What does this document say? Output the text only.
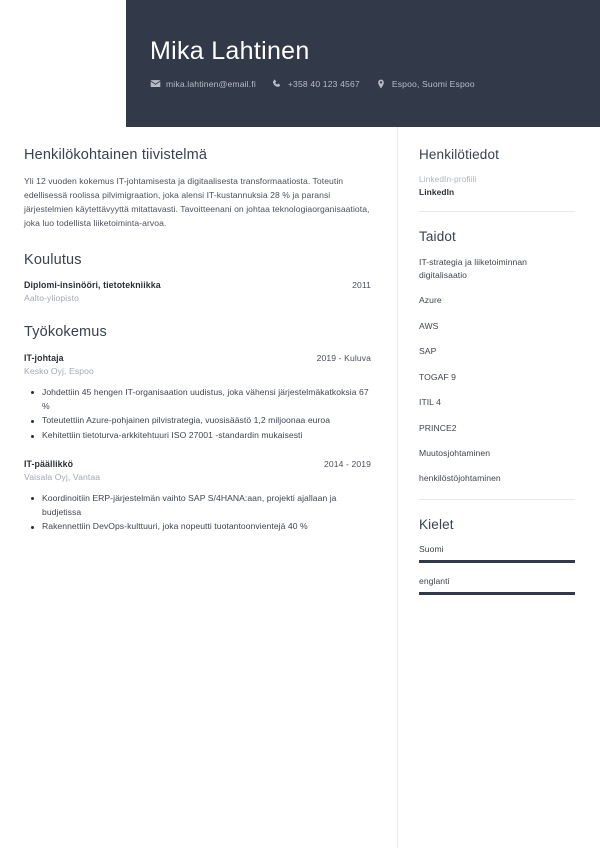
Mika Lahtinen
mika.lahtinen@email.fi	+358 40 123 4567	Espoo, Suomi Espoo
Henkilökohtainen tiivistelmä

Yli 12 vuoden kokemus IT-johtamisesta ja digitaalisesta transformaatiosta. Toteutin edellisessä roolissa pilvimigraation, joka alensi IT-kustannuksia 28 % ja paransi järjestelmien käytettävyyttä mitattavasti. Tavoitteenani on johtaa teknologiaorganisaatiota, joka luo todellista liiketoiminta-arvoa.

Koulutus
Diplomi-insinööri, tietotekniikka	2011
Aalto-yliopisto
Työkokemus
IT-johtaja	2019 - Kuluva
Kesko Oyj, Espoo
Johdettiin 45 hengen IT-organisaation uudistus, joka vähensi järjestelmäkatkoksia 67 %
Toteutettiin Azure-pohjainen pilvistrategia, vuosisäästö 1,2 miljoonaa euroa
Kehitettiin tietoturva-arkkitehtuuri ISO 27001 -standardin mukaisesti
IT-päällikkö	2014 - 2019
Vaisala Oyj, Vantaa
Koordinoitiin ERP-järjestelmän vaihto SAP S/4HANA:aan, projekti ajallaan ja budjetissa
Rakennettiin DevOps-kulttuuri, joka nopeutti tuotantoonvientejä 40 %
Henkilötiedot
LinkedIn-profiili
LinkedIn
Taidot
IT-strategia ja liiketoiminnan digitalisaatio
Azure
AWS
SAP
TOGAF 9
ITIL 4
PRINCE2
Muutosjohtaminen
henkilöstöjohtaminen
Kielet
Suomi
englanti
